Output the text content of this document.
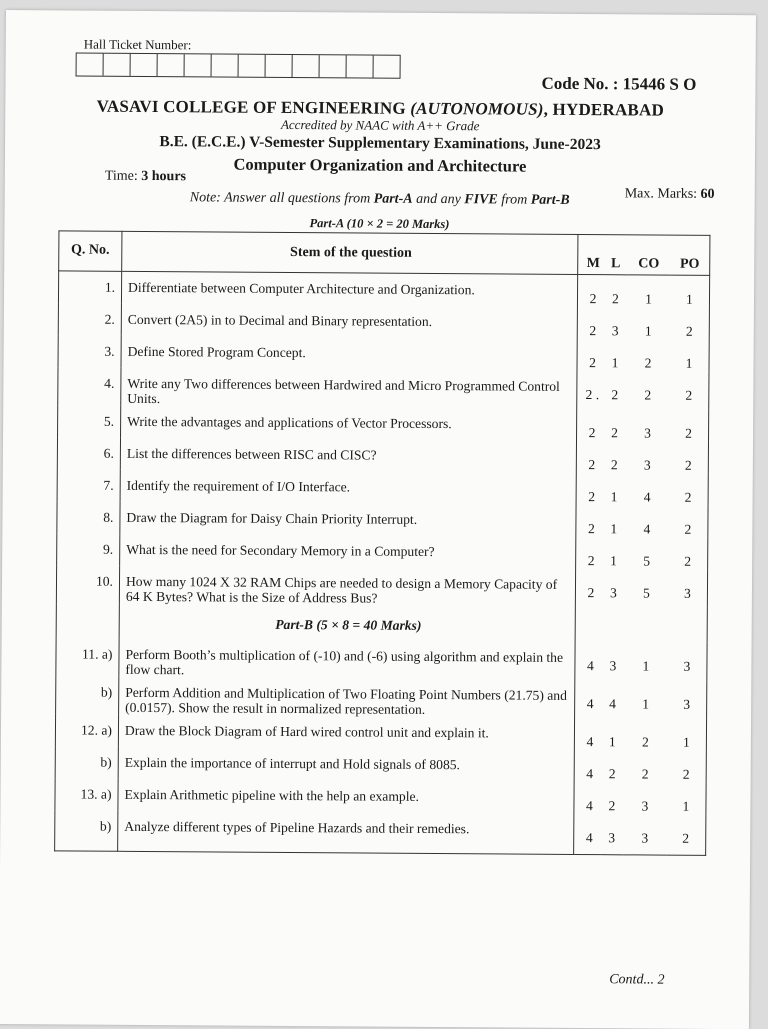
Hall Ticket Number:
Code No. : 15446 S O
VASAVI COLLEGE OF ENGINEERING (AUTONOMOUS), HYDERABAD
Accredited by NAAC with A++ Grade
B.E. (E.C.E.) V-Semester Supplementary Examinations, June-2023
Computer Organization and Architecture
Time: 3 hours
Max. Marks: 60
Note: Answer all questions from Part-A and any FIVE from Part-B
Part-A (10 × 2 = 20 Marks)
Q. No.	Stem of the question	M	L	CO	PO
1.	Differentiate between Computer Architecture and Organization.	2	2	1	1
2.	Convert (2A5) in to Decimal and Binary representation.	2	3	1	2
3.	Define Stored Program Concept.	2	1	2	1
4.	Write any Two differences between Hardwired and Micro Programmed Control Units.	2 .	2	2	2
5.	Write the advantages and applications of Vector Processors.	2	2	3	2
6.	List the differences between RISC and CISC?	2	2	3	2
7.	Identify the requirement of I/O Interface.	2	1	4	2
8.	Draw the Diagram for Daisy Chain Priority Interrupt.	2	1	4	2
9.	What is the need for Secondary Memory in a Computer?	2	1	5	2
10.	How many 1024 X 32 RAM Chips are needed to design a Memory Capacity of 64 K Bytes? What is the Size of Address Bus?	2	3	5	3
	Part-B (5 × 8 = 40 Marks)				
11. a)	Perform Booth’s multiplication of (-10) and (-6) using algorithm and explain the flow chart.	4	3	1	3
b)	Perform Addition and Multiplication of Two Floating Point Numbers (21.75) and (0.0157). Show the result in normalized representation.	4	4	1	3
12. a)	Draw the Block Diagram of Hard wired control unit and explain it.	4	1	2	1
b)	Explain the importance of interrupt and Hold signals of 8085.	4	2	2	2
13. a)	Explain Arithmetic pipeline with the help an example.	4	2	3	1
b)	Analyze different types of Pipeline Hazards and their remedies.	4	3	3	2
Contd... 2
